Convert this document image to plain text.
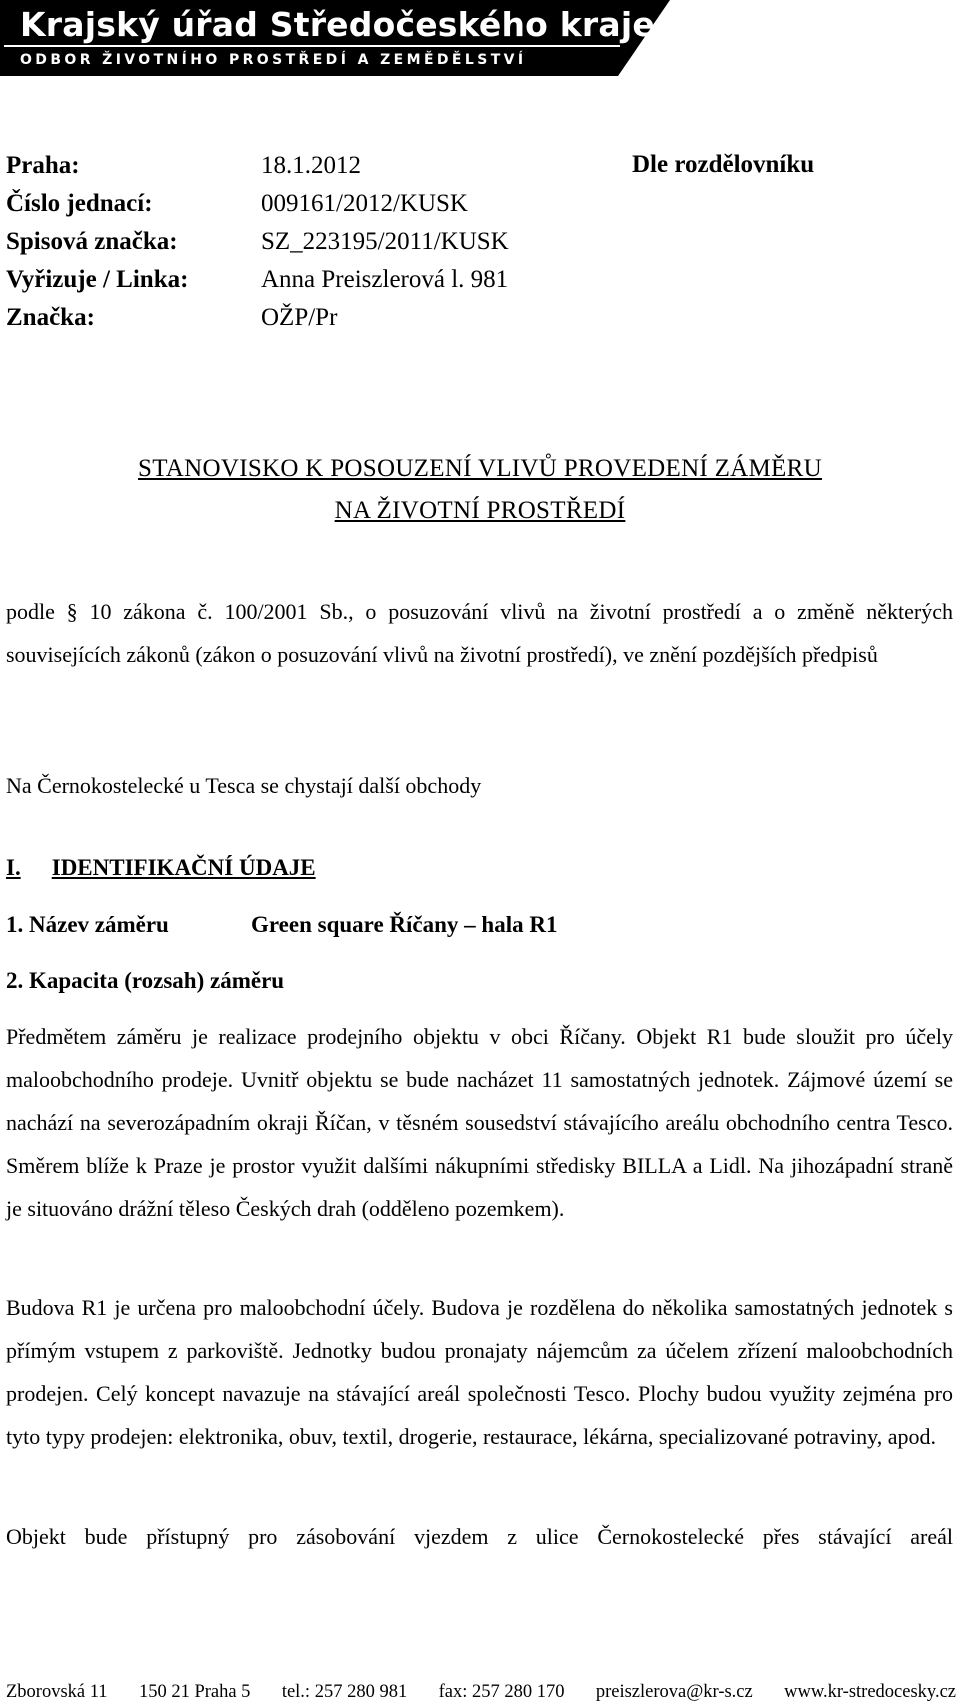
Krajský úřad Středočeského kraje
ODBOR ŽIVOTNÍHO PROSTŘEDÍ A ZEMĚDĚLSTVÍ
Praha:	18.1.2012	Dle rozdělovníku
Číslo jednací:	009161/2012/KUSK
Spisová značka:	SZ_223195/2011/KUSK
Vyřizuje / Linka:	Anna Preiszlerová l. 981
Značka:	OŽP/Pr
STANOVISKO K POSOUZENÍ VLIVŮ PROVEDENÍ ZÁMĚRU
NA ŽIVOTNÍ PROSTŘEDÍ
podle § 10 zákona č. 100/2001 Sb., o posuzování vlivů na životní prostředí a o změně některých souvisejících zákonů (zákon o posuzování vlivů na životní prostředí), ve znění pozdějších předpisů
Na Černokostelecké u Tesca se chystají další obchody
I. IDENTIFIKAČNÍ ÚDAJE
1. Název záměru	Green square Říčany – hala R1
2. Kapacita (rozsah) záměru
Předmětem záměru je realizace prodejního objektu v obci Říčany. Objekt R1 bude sloužit pro účely maloobchodního prodeje. Uvnitř objektu se bude nacházet 11 samostatných jednotek. Zájmové území se nachází na severozápadním okraji Říčan, v těsném sousedství stávajícího areálu obchodního centra Tesco. Směrem blíže k Praze je prostor využit dalšími nákupními středisky BILLA a Lidl. Na jihozápadní straně je situováno drážní těleso Českých drah (odděleno pozemkem).
Budova R1 je určena pro maloobchodní účely. Budova je rozdělena do několika samostatných jednotek s přímým vstupem z parkoviště. Jednotky budou pronajaty nájemcům za účelem zřízení maloobchodních prodejen. Celý koncept navazuje na stávající areál společnosti Tesco. Plochy budou využity zejména pro tyto typy prodejen: elektronika, obuv, textil, drogerie, restaurace, lékárna, specializované potraviny, apod.
Objekt bude přístupný pro zásobování vjezdem z ulice Černokostelecké přes stávající areál
Zborovská 11 150 21 Praha 5 tel.: 257 280 981 fax: 257 280 170 preiszlerova@kr-s.cz www.kr-stredocesky.cz
